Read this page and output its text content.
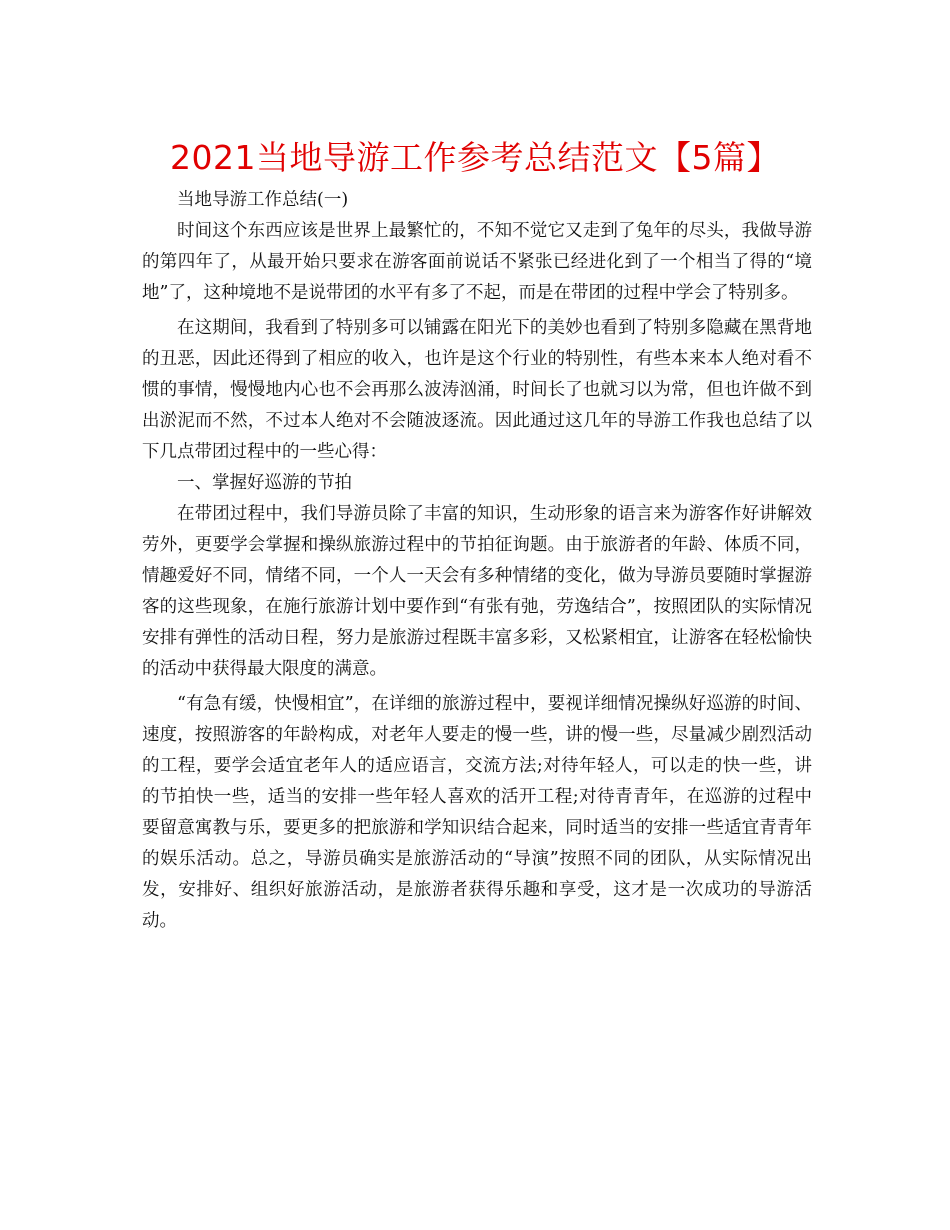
2021当地导游工作参考总结范文【5篇】

当地导游工作总结(一)

时间这个东西应该是世界上最繁忙的，不知不觉它又走到了兔年的尽头，我做导游的第四年了，从最开始只要求在游客面前说话不紧张已经进化到了一个相当了得的“境地”了，这种境地不是说带团的水平有多了不起，而是在带团的过程中学会了特别多。

在这期间，我看到了特别多可以铺露在阳光下的美妙也看到了特别多隐藏在黑背地的丑恶，因此还得到了相应的收入，也许是这个行业的特别性，有些本来本人绝对看不惯的事情，慢慢地内心也不会再那么波涛汹涌，时间长了也就习以为常，但也许做不到出淤泥而不然，不过本人绝对不会随波逐流。因此通过这几年的导游工作我也总结了以下几点带团过程中的一些心得：

一、掌握好巡游的节拍

在带团过程中，我们导游员除了丰富的知识，生动形象的语言来为游客作好讲解效劳外，更要学会掌握和操纵旅游过程中的节拍征询题。由于旅游者的年龄、体质不同，情趣爱好不同，情绪不同，一个人一天会有多种情绪的变化，做为导游员要随时掌握游客的这些现象，在施行旅游计划中要作到“有张有弛，劳逸结合”，按照团队的实际情况安排有弹性的活动日程，努力是旅游过程既丰富多彩，又松紧相宜，让游客在轻松愉快的活动中获得最大限度的满意。

“有急有缓，快慢相宜”，在详细的旅游过程中，要视详细情况操纵好巡游的时间、速度，按照游客的年龄构成，对老年人要走的慢一些，讲的慢一些，尽量减少剧烈活动的工程，要学会适宜老年人的适应语言，交流方法;对待年轻人，可以走的快一些，讲的节拍快一些，适当的安排一些年轻人喜欢的活开工程;对待青青年，在巡游的过程中要留意寓教与乐，要更多的把旅游和学知识结合起来，同时适当的安排一些适宜青青年的娱乐活动。总之，导游员确实是旅游活动的“导演”按照不同的团队，从实际情况出发，安排好、组织好旅游活动，是旅游者获得乐趣和享受，这才是一次成功的导游活动。
